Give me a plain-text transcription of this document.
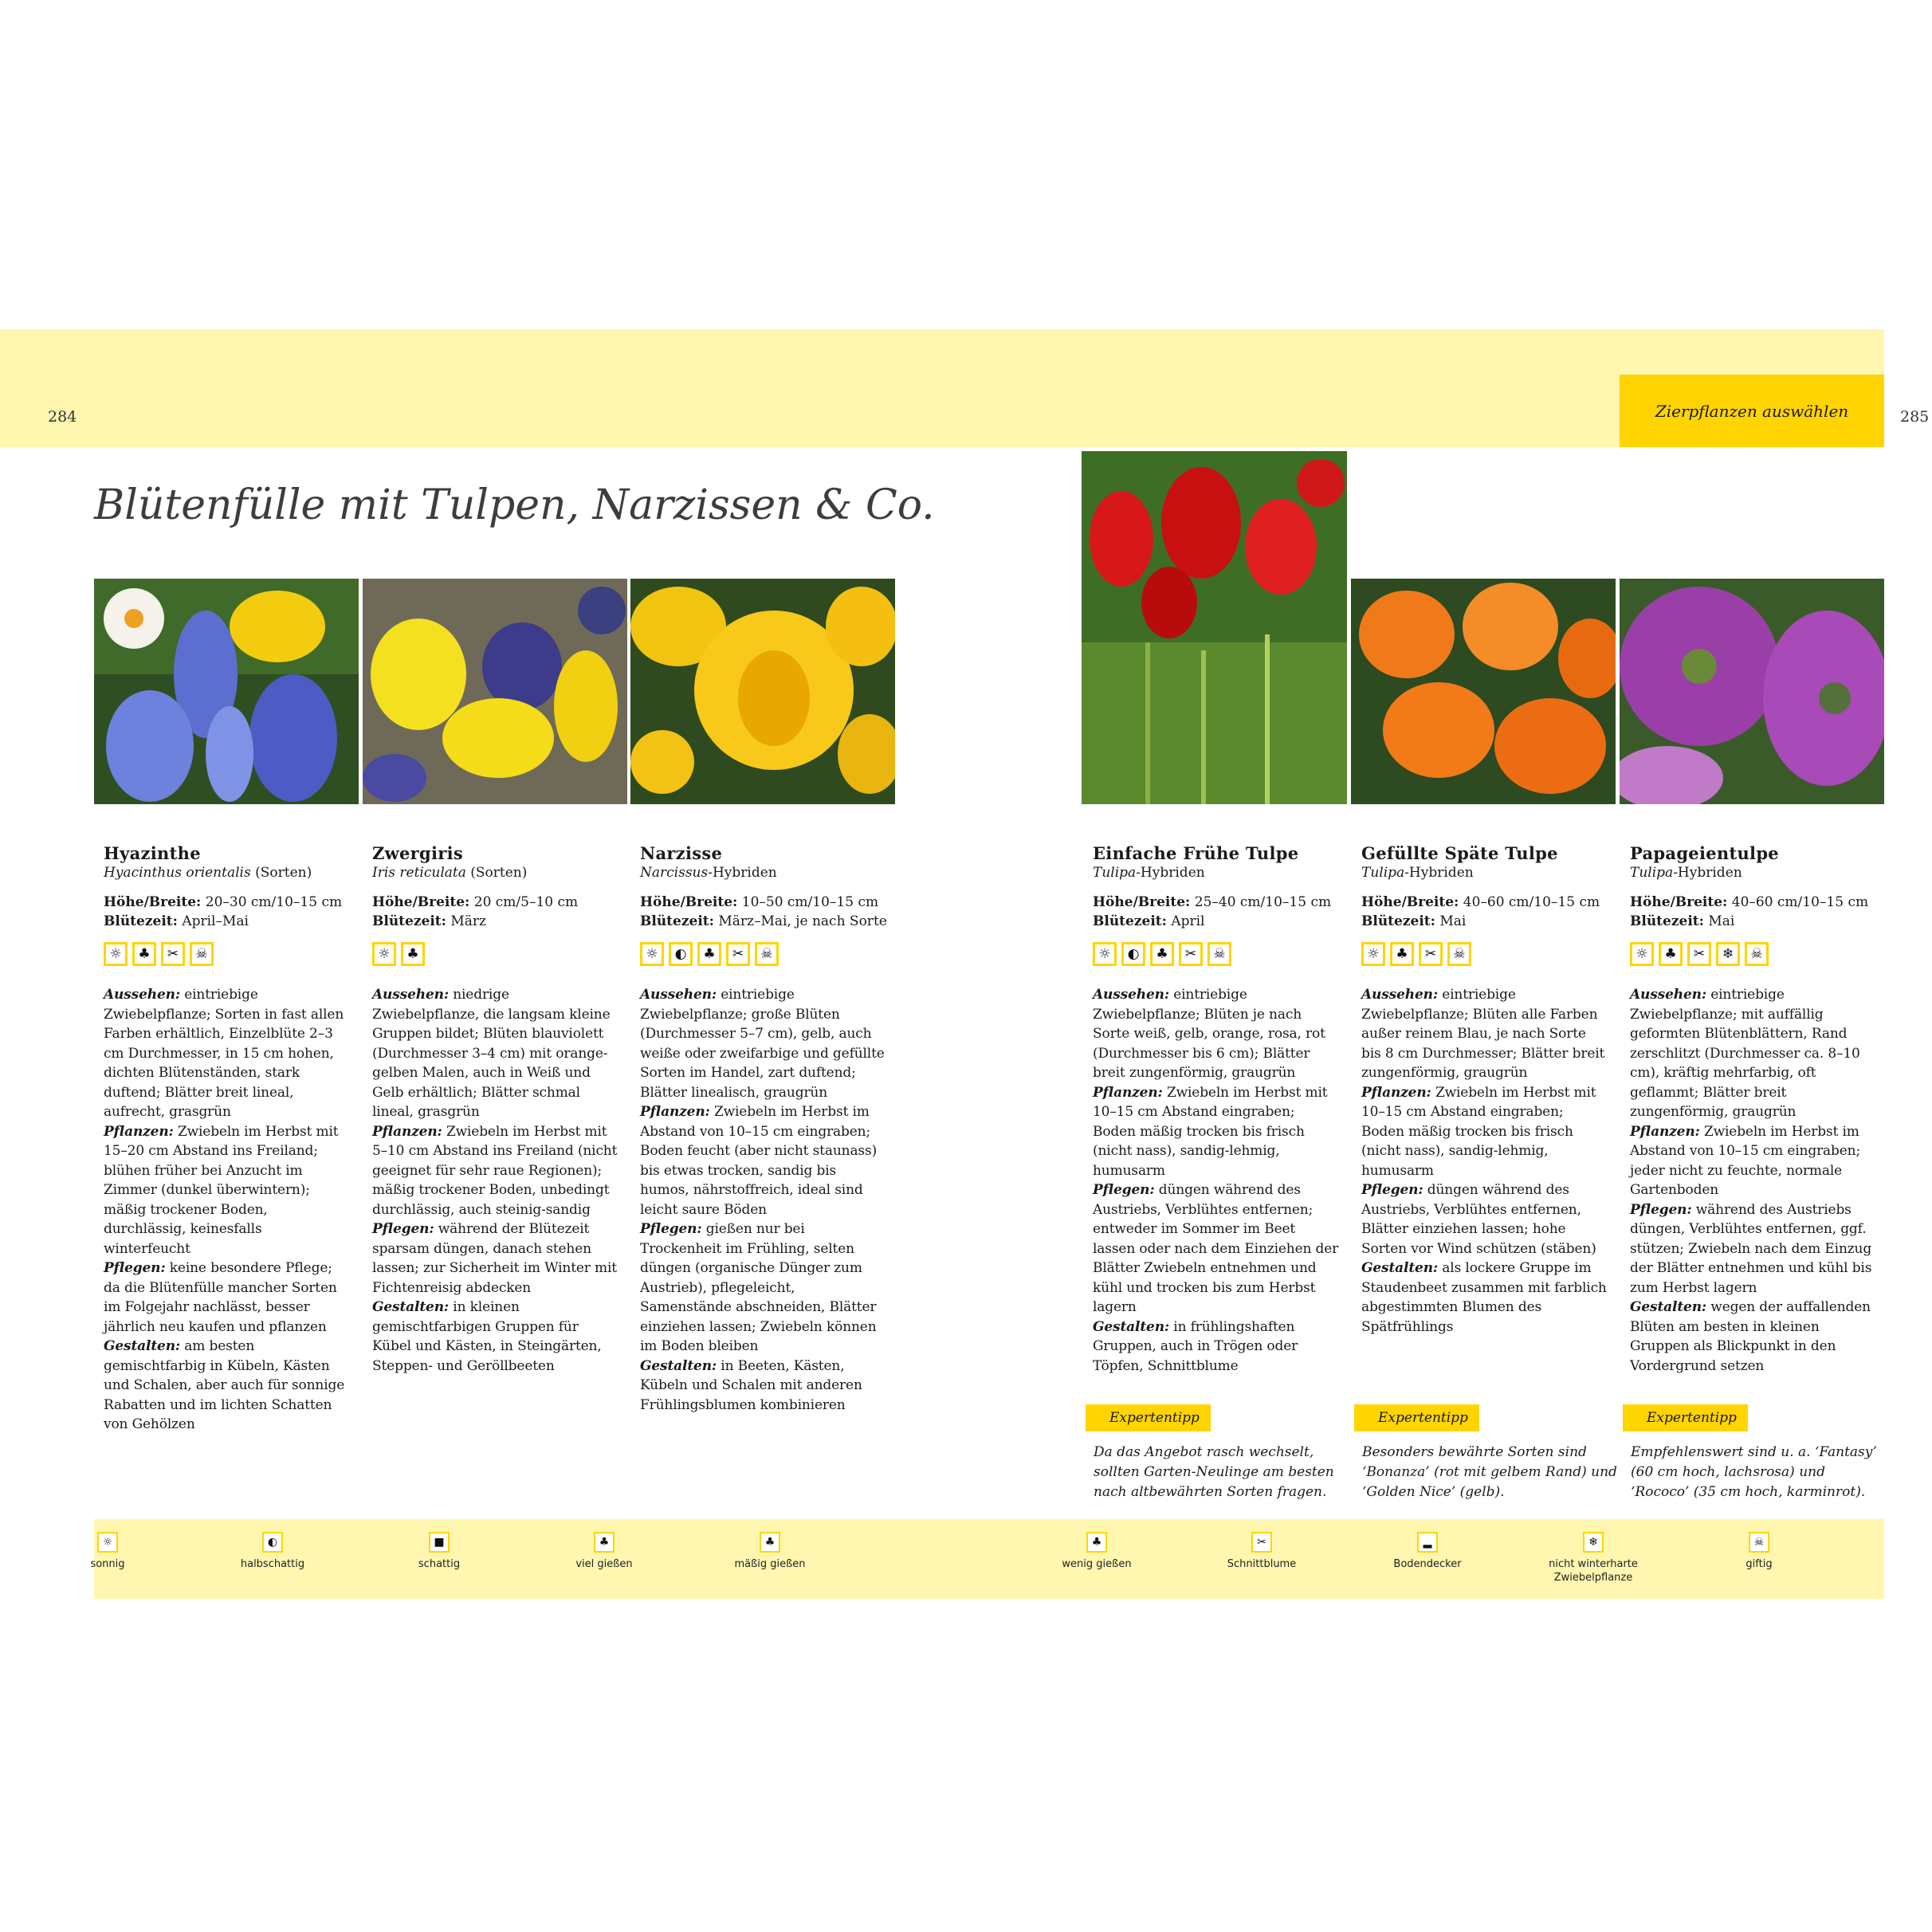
284	Zierpflanzen auswählen	285
Blütenfülle mit Tulpen, Narzissen & Co.
Hyazinthe
Hyacinthus orientalis (Sorten)
Höhe/Breite: 20–30 cm/10–15 cm
Blütezeit: April–Mai
☼	♣	✂	☠
Aussehen: eintriebige Zwiebelpflanze; Sorten in fast allen Farben erhältlich, Einzelblüte 2–3 cm Durchmesser, in 15 cm hohen, dichten Blütenständen, stark duftend; Blätter breit lineal, aufrecht, grasgrün
Pflanzen: Zwiebeln im Herbst mit 15–20 cm Abstand ins Freiland; blühen früher bei Anzucht im Zimmer (dunkel überwintern); mäßig trockener Boden, durchlässig, keinesfalls winterfeucht
Pflegen: keine besondere Pflege; da die Blütenfülle mancher Sorten im Folgejahr nachlässt, besser jährlich neu kaufen und pflanzen
Gestalten: am besten gemischtfarbig in Kübeln, Kästen und Schalen, aber auch für sonnige Rabatten und im lichten Schatten von Gehölzen

Zwergiris
Iris reticulata (Sorten)
Höhe/Breite: 20 cm/5–10 cm
Blütezeit: März
☼	♣
Aussehen: niedrige Zwiebelpflanze, die langsam kleine Gruppen bildet; Blüten blauviolett (Durchmesser 3–4 cm) mit orange-gelben Malen, auch in Weiß und Gelb erhältlich; Blätter schmal lineal, grasgrün
Pflanzen: Zwiebeln im Herbst mit 5–10 cm Abstand ins Freiland (nicht geeignet für sehr raue Regionen); mäßig trockener Boden, unbedingt durchlässig, auch steinig-sandig
Pflegen: während der Blütezeit sparsam düngen, danach stehen lassen; zur Sicherheit im Winter mit Fichtenreisig abdecken
Gestalten: in kleinen gemischtfarbigen Gruppen für Kübel und Kästen, in Steingärten, Steppen- und Geröllbeeten

Narzisse
Narcissus-Hybriden
Höhe/Breite: 10–50 cm/10–15 cm
Blütezeit: März–Mai, je nach Sorte
☼	◐	♣	✂	☠
Aussehen: eintriebige Zwiebelpflanze; große Blüten (Durchmesser 5–7 cm), gelb, auch weiße oder zweifarbige und gefüllte Sorten im Handel, zart duftend; Blätter linealisch, graugrün
Pflanzen: Zwiebeln im Herbst im Abstand von 10–15 cm eingraben; Boden feucht (aber nicht staunass) bis etwas trocken, sandig bis humos, nährstoffreich, ideal sind leicht saure Böden
Pflegen: gießen nur bei Trockenheit im Frühling, selten düngen (organische Dünger zum Austrieb), pflegeleicht, Samenstände abschneiden, Blätter einziehen lassen; Zwiebeln können im Boden bleiben
Gestalten: in Beeten, Kästen, Kübeln und Schalen mit anderen Frühlingsblumen kombinieren

Einfache Frühe Tulpe
Tulipa-Hybriden
Höhe/Breite: 25–40 cm/10–15 cm
Blütezeit: April
☼	◐	♣	✂	☠
Aussehen: eintriebige Zwiebelpflanze; Blüten je nach Sorte weiß, gelb, orange, rosa, rot (Durchmesser bis 6 cm); Blätter breit zungenförmig, graugrün
Pflanzen: Zwiebeln im Herbst mit 10–15 cm Abstand eingraben; Boden mäßig trocken bis frisch (nicht nass), sandig-lehmig, humusarm
Pflegen: düngen während des Austriebs, Verblühtes entfernen; entweder im Sommer im Beet lassen oder nach dem Einziehen der Blätter Zwiebeln entnehmen und kühl und trocken bis zum Herbst lagern
Gestalten: in frühlingshaften Gruppen, auch in Trögen oder Töpfen, Schnittblume

Expertentipp
Da das Angebot rasch wechselt, sollten Garten-Neulinge am besten nach altbewährten Sorten fragen.
Gefüllte Späte Tulpe
Tulipa-Hybriden
Höhe/Breite: 40–60 cm/10–15 cm
Blütezeit: Mai
☼	♣	✂	☠
Aussehen: eintriebige Zwiebelpflanze; Blüten alle Farben außer reinem Blau, je nach Sorte bis 8 cm Durchmesser; Blätter breit zungenförmig, graugrün
Pflanzen: Zwiebeln im Herbst mit 10–15 cm Abstand eingraben; Boden mäßig trocken bis frisch (nicht nass), sandig-lehmig, humusarm
Pflegen: düngen während des Austriebs, Verblühtes entfernen, Blätter einziehen lassen; hohe Sorten vor Wind schützen (stäben)
Gestalten: als lockere Gruppe im Staudenbeet zusammen mit farblich abgestimmten Blumen des Spätfrühlings

Expertentipp
Besonders bewährte Sorten sind ‘Bonanza’ (rot mit gelbem Rand) und ‘Golden Nice’ (gelb).
Papageientulpe
Tulipa-Hybriden
Höhe/Breite: 40–60 cm/10–15 cm
Blütezeit: Mai
☼	♣	✂	❄	☠
Aussehen: eintriebige Zwiebelpflanze; mit auffällig geformten Blütenblättern, Rand zerschlitzt (Durchmesser ca. 8–10 cm), kräftig mehrfarbig, oft geflammt; Blätter breit zungenförmig, graugrün
Pflanzen: Zwiebeln im Herbst im Abstand von 10–15 cm eingraben; jeder nicht zu feuchte, normale Gartenboden
Pflegen: während des Austriebs düngen, Verblühtes entfernen, ggf. stützen; Zwiebeln nach dem Einzug der Blätter entnehmen und kühl bis zum Herbst lagern
Gestalten: wegen der auffallenden Blüten am besten in kleinen Gruppen als Blickpunkt in den Vordergrund setzen

Expertentipp
Empfehlenswert sind u. a. ‘Fantasy’ (60 cm hoch, lachsrosa) und ‘Rococo’ (35 cm hoch, karminrot).
☼
sonnig
◐
halbschattig
■
schattig
♣
viel gießen
♣
mäßig gießen
♣
wenig gießen
✂
Schnittblume
▂
Bodendecker
❄
nicht winterharte Zwiebelpflanze
☠
giftig
